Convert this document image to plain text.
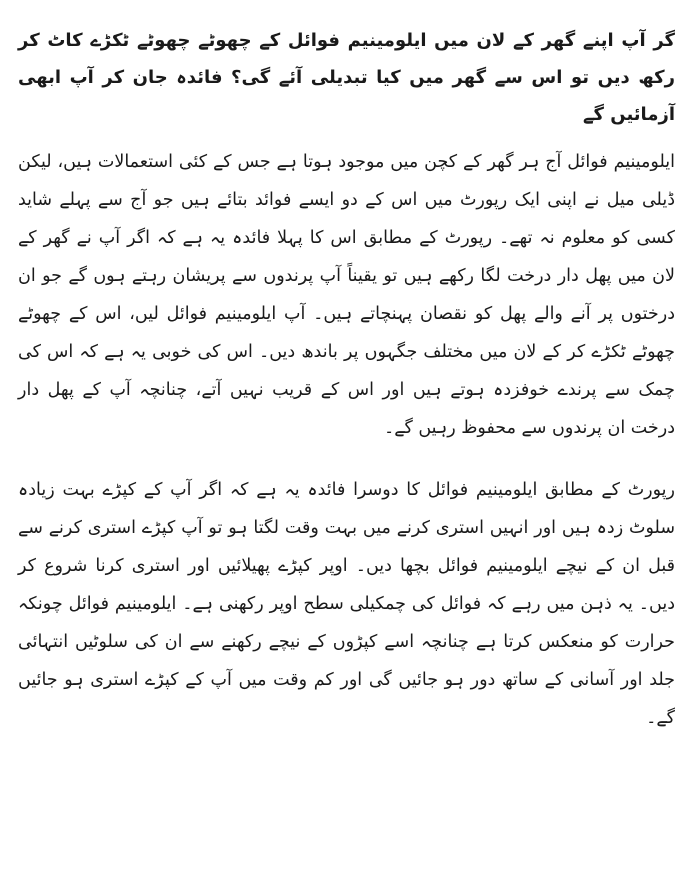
گر آپ اپنے گھر کے لان میں ایلومینیم فوائل کے چھوٹے چھوٹے ٹکڑے کاٹ کر رکھ دیں تو اس سے گھر میں کیا تبدیلی آئے گی؟ فائدہ جان کر آپ ابھی آزمائیں گے

ایلومینیم فوائل آج ہر گھر کے کچن میں موجود ہوتا ہے جس کے کئی استعمالات ہیں، لیکن ڈیلی میل نے اپنی ایک رپورٹ میں اس کے دو ایسے فوائد بتائے ہیں جو آج سے پہلے شاید کسی کو معلوم نہ تھے۔ رپورٹ کے مطابق اس کا پہلا فائدہ یہ ہے کہ اگر آپ نے گھر کے لان میں پھل دار درخت لگا رکھے ہیں تو یقیناً آپ پرندوں سے پریشان رہتے ہوں گے جو ان درختوں پر آنے والے پھل کو نقصان پہنچاتے ہیں۔ آپ ایلومینیم فوائل لیں، اس کے چھوٹے چھوٹے ٹکڑے کر کے لان میں مختلف جگہوں پر باندھ دیں۔ اس کی خوبی یہ ہے کہ اس کی چمک سے پرندے خوفزدہ ہوتے ہیں اور اس کے قریب نہیں آتے، چنانچہ آپ کے پھل دار درخت ان پرندوں سے محفوظ رہیں گے۔

رپورٹ کے مطابق ایلومینیم فوائل کا دوسرا فائدہ یہ ہے کہ اگر آپ کے کپڑے بہت زیادہ سلوٹ زدہ ہیں اور انہیں استری کرنے میں بہت وقت لگتا ہو تو آپ کپڑے استری کرنے سے قبل ان کے نیچے ایلومینیم فوائل بچھا دیں۔ اوپر کپڑے پھیلائیں اور استری کرنا شروع کر دیں۔ یہ ذہن میں رہے کہ فوائل کی چمکیلی سطح اوپر رکھنی ہے۔ ایلومینیم فوائل چونکہ حرارت کو منعکس کرتا ہے چنانچہ اسے کپڑوں کے نیچے رکھنے سے ان کی سلوٹیں انتہائی جلد اور آسانی کے ساتھ دور ہو جائیں گی اور کم وقت میں آپ کے کپڑے استری ہو جائیں گے۔
